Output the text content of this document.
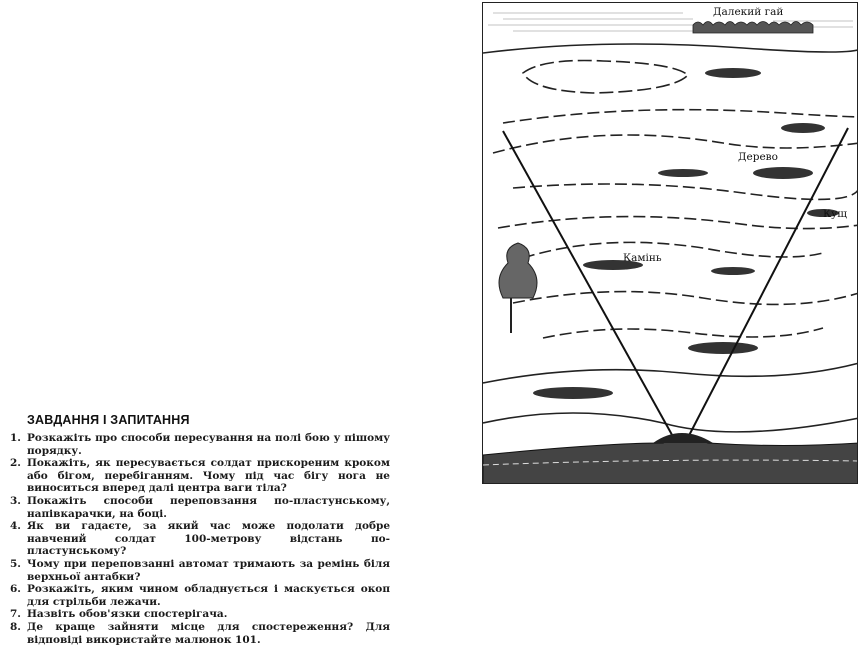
ЗАВДАННЯ І ЗАПИТАННЯ
1. Розкажіть про способи пересування на полі бою у пішому порядку.
2. Покажіть, як пересувається солдат прискореним кроком або бігом, перебіганням. Чому під час бігу нога не виноситься вперед далі центра ваги тіла?
3. Покажіть способи переповзання по-пластунському, напівкарачки, на боці.
4. Як ви гадаєте, за який час може подолати добре навчений солдат 100-метрову відстань по-пластунському?
5. Чому при переповзанні автомат тримають за ремінь біля верхньої антабки?
6. Розкажіть, яким чином обладнується і маскується окоп для стрільби лежачи.
7. Назвіть обов'язки спостерігача.
8. Де краще зайняти місце для спостереження? Для відповіді використайте малюнок 101.
Далекий гай
Дерево
Кущ
Камінь
